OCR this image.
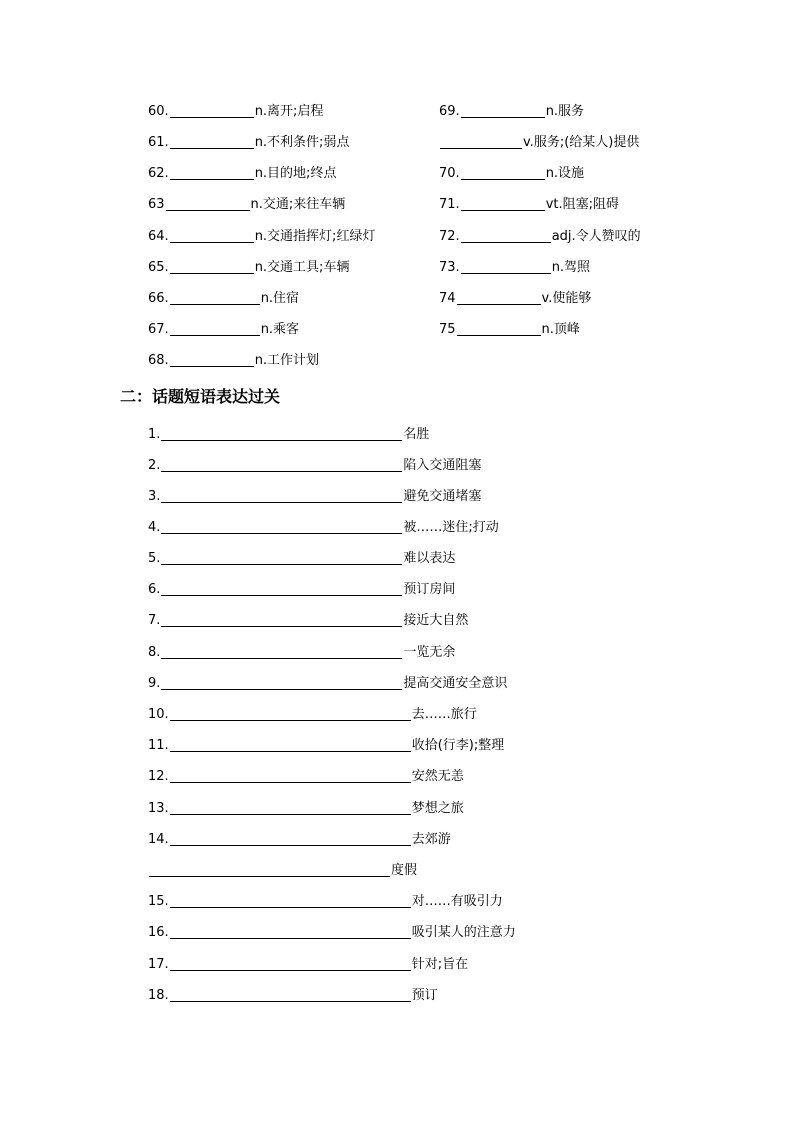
60.	n.离开;启程
61.	n.不利条件;弱点
62.	n.目的地;终点
63	n.交通;来往车辆
64.	n.交通指挥灯;红绿灯
65.	n.交通工具;车辆
66.	n.住宿
67.	n.乘客
68.	n.工作计划
69.	n.服务
v.服务;(给某人)提供
70.	n.设施
71.	vt.阻塞;阻碍
72.	adj.令人赞叹的
73.	n.驾照
74	v.使能够
75	n.顶峰
二：话题短语表达过关
1.	名胜
2.	陷入交通阻塞
3.	避免交通堵塞
4.	被……迷住;打动
5.	难以表达
6.	预订房间
7.	接近大自然
8.	一览无余
9.	提高交通安全意识
10.	去……旅行
11.	收拾(行李);整理
12.	安然无恙
13.	梦想之旅
14.	去郊游
度假
15.	对……有吸引力
16.	吸引某人的注意力
17.	针对;旨在
18.	预订
